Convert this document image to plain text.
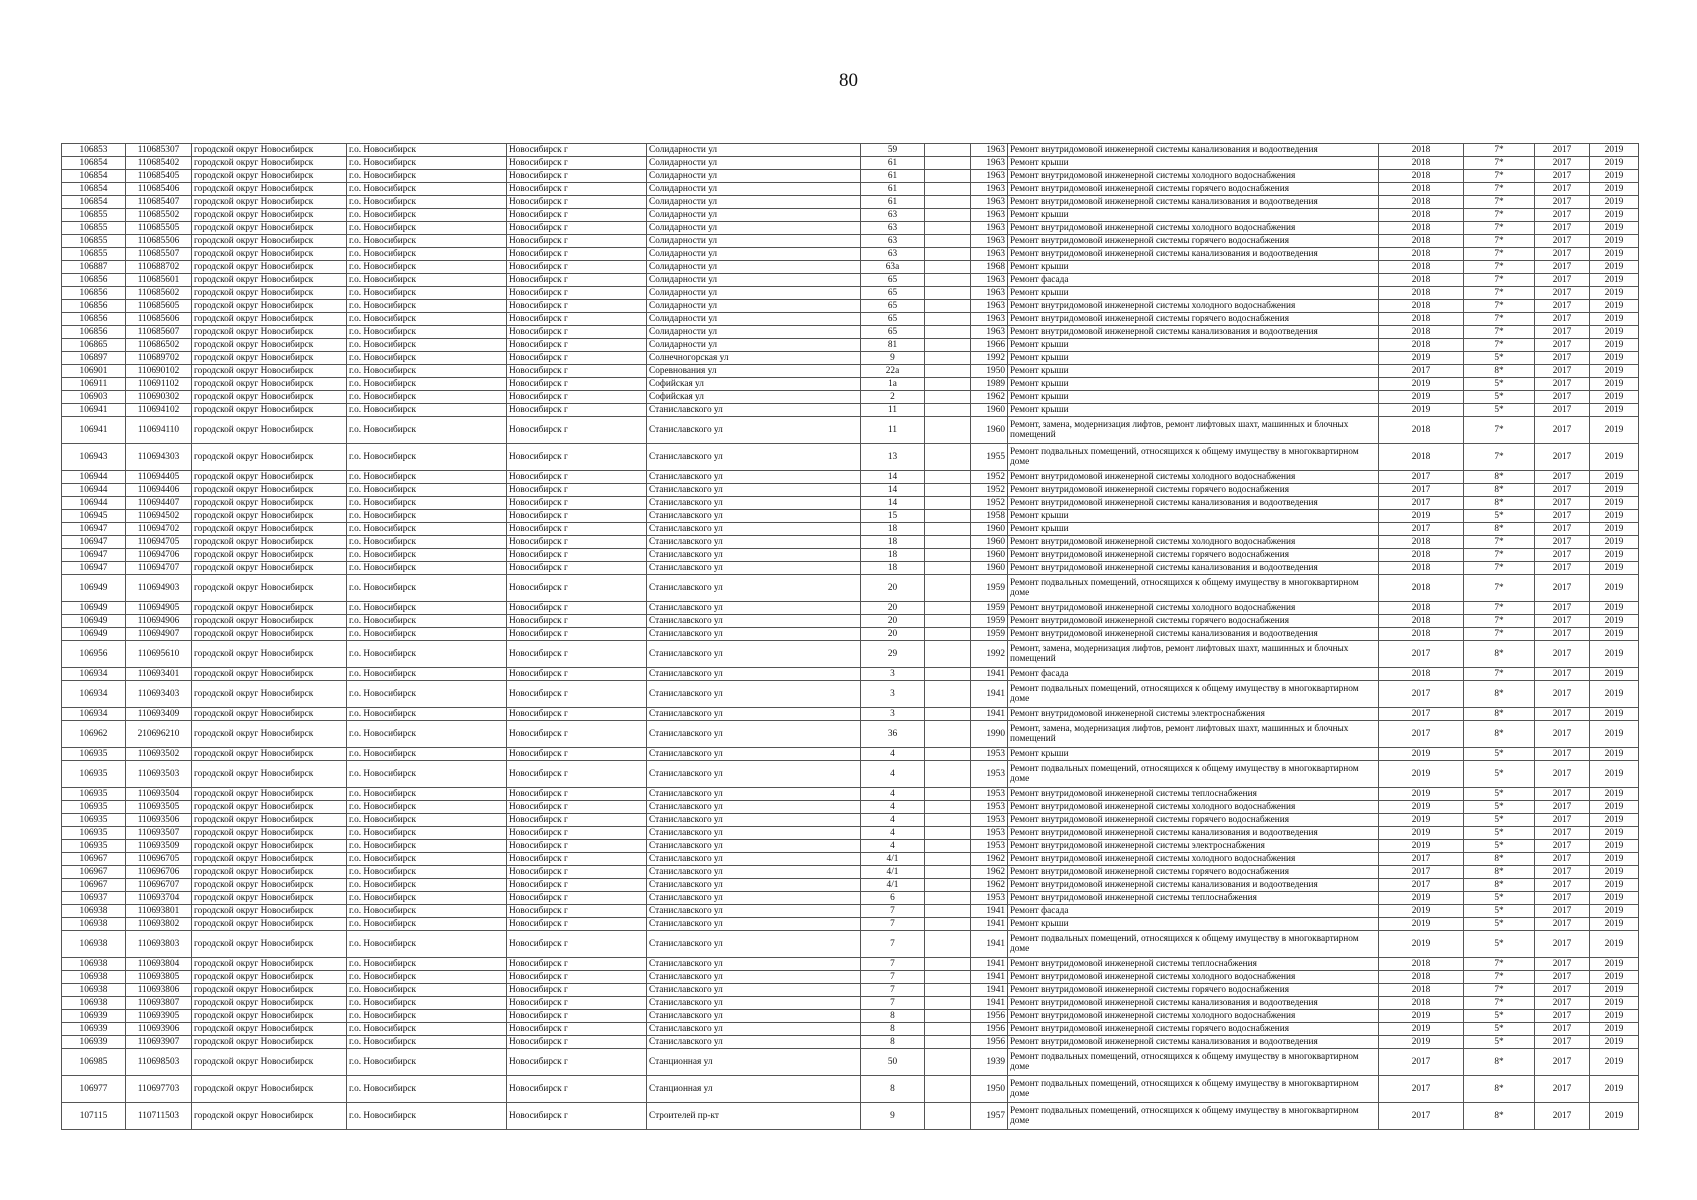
80
106853	110685307	городской округ Новосибирск	г.о. Новосибирск	Новосибирск г	Солидарности ул	59		1963	Ремонт внутридомовой инженерной системы канализования и водоотведения	2018	7*	2017	2019
106854	110685402	городской округ Новосибирск	г.о. Новосибирск	Новосибирск г	Солидарности ул	61		1963	Ремонт крыши	2018	7*	2017	2019
106854	110685405	городской округ Новосибирск	г.о. Новосибирск	Новосибирск г	Солидарности ул	61		1963	Ремонт внутридомовой инженерной системы холодного водоснабжения	2018	7*	2017	2019
106854	110685406	городской округ Новосибирск	г.о. Новосибирск	Новосибирск г	Солидарности ул	61		1963	Ремонт внутридомовой инженерной системы горячего водоснабжения	2018	7*	2017	2019
106854	110685407	городской округ Новосибирск	г.о. Новосибирск	Новосибирск г	Солидарности ул	61		1963	Ремонт внутридомовой инженерной системы канализования и водоотведения	2018	7*	2017	2019
106855	110685502	городской округ Новосибирск	г.о. Новосибирск	Новосибирск г	Солидарности ул	63		1963	Ремонт крыши	2018	7*	2017	2019
106855	110685505	городской округ Новосибирск	г.о. Новосибирск	Новосибирск г	Солидарности ул	63		1963	Ремонт внутридомовой инженерной системы холодного водоснабжения	2018	7*	2017	2019
106855	110685506	городской округ Новосибирск	г.о. Новосибирск	Новосибирск г	Солидарности ул	63		1963	Ремонт внутридомовой инженерной системы горячего водоснабжения	2018	7*	2017	2019
106855	110685507	городской округ Новосибирск	г.о. Новосибирск	Новосибирск г	Солидарности ул	63		1963	Ремонт внутридомовой инженерной системы канализования и водоотведения	2018	7*	2017	2019
106887	110688702	городской округ Новосибирск	г.о. Новосибирск	Новосибирск г	Солидарности ул	63а		1968	Ремонт крыши	2018	7*	2017	2019
106856	110685601	городской округ Новосибирск	г.о. Новосибирск	Новосибирск г	Солидарности ул	65		1963	Ремонт фасада	2018	7*	2017	2019
106856	110685602	городской округ Новосибирск	г.о. Новосибирск	Новосибирск г	Солидарности ул	65		1963	Ремонт крыши	2018	7*	2017	2019
106856	110685605	городской округ Новосибирск	г.о. Новосибирск	Новосибирск г	Солидарности ул	65		1963	Ремонт внутридомовой инженерной системы холодного водоснабжения	2018	7*	2017	2019
106856	110685606	городской округ Новосибирск	г.о. Новосибирск	Новосибирск г	Солидарности ул	65		1963	Ремонт внутридомовой инженерной системы горячего водоснабжения	2018	7*	2017	2019
106856	110685607	городской округ Новосибирск	г.о. Новосибирск	Новосибирск г	Солидарности ул	65		1963	Ремонт внутридомовой инженерной системы канализования и водоотведения	2018	7*	2017	2019
106865	110686502	городской округ Новосибирск	г.о. Новосибирск	Новосибирск г	Солидарности ул	81		1966	Ремонт крыши	2018	7*	2017	2019
106897	110689702	городской округ Новосибирск	г.о. Новосибирск	Новосибирск г	Солнечногорская ул	9		1992	Ремонт крыши	2019	5*	2017	2019
106901	110690102	городской округ Новосибирск	г.о. Новосибирск	Новосибирск г	Соревнования ул	22а		1950	Ремонт крыши	2017	8*	2017	2019
106911	110691102	городской округ Новосибирск	г.о. Новосибирск	Новосибирск г	Софийская ул	1а		1989	Ремонт крыши	2019	5*	2017	2019
106903	110690302	городской округ Новосибирск	г.о. Новосибирск	Новосибирск г	Софийская ул	2		1962	Ремонт крыши	2019	5*	2017	2019
106941	110694102	городской округ Новосибирск	г.о. Новосибирск	Новосибирск г	Станиславского ул	11		1960	Ремонт крыши	2019	5*	2017	2019
106941	110694110	городской округ Новосибирск	г.о. Новосибирск	Новосибирск г	Станиславского ул	11		1960	Ремонт, замена, модернизация лифтов, ремонт лифтовых шахт, машинных и блочных помещений	2018	7*	2017	2019
106943	110694303	городской округ Новосибирск	г.о. Новосибирск	Новосибирск г	Станиславского ул	13		1955	Ремонт подвальных помещений, относящихся к общему имуществу в многоквартирном доме	2018	7*	2017	2019
106944	110694405	городской округ Новосибирск	г.о. Новосибирск	Новосибирск г	Станиславского ул	14		1952	Ремонт внутридомовой инженерной системы холодного водоснабжения	2017	8*	2017	2019
106944	110694406	городской округ Новосибирск	г.о. Новосибирск	Новосибирск г	Станиславского ул	14		1952	Ремонт внутридомовой инженерной системы горячего водоснабжения	2017	8*	2017	2019
106944	110694407	городской округ Новосибирск	г.о. Новосибирск	Новосибирск г	Станиславского ул	14		1952	Ремонт внутридомовой инженерной системы канализования и водоотведения	2017	8*	2017	2019
106945	110694502	городской округ Новосибирск	г.о. Новосибирск	Новосибирск г	Станиславского ул	15		1958	Ремонт крыши	2019	5*	2017	2019
106947	110694702	городской округ Новосибирск	г.о. Новосибирск	Новосибирск г	Станиславского ул	18		1960	Ремонт крыши	2017	8*	2017	2019
106947	110694705	городской округ Новосибирск	г.о. Новосибирск	Новосибирск г	Станиславского ул	18		1960	Ремонт внутридомовой инженерной системы холодного водоснабжения	2018	7*	2017	2019
106947	110694706	городской округ Новосибирск	г.о. Новосибирск	Новосибирск г	Станиславского ул	18		1960	Ремонт внутридомовой инженерной системы горячего водоснабжения	2018	7*	2017	2019
106947	110694707	городской округ Новосибирск	г.о. Новосибирск	Новосибирск г	Станиславского ул	18		1960	Ремонт внутридомовой инженерной системы канализования и водоотведения	2018	7*	2017	2019
106949	110694903	городской округ Новосибирск	г.о. Новосибирск	Новосибирск г	Станиславского ул	20		1959	Ремонт подвальных помещений, относящихся к общему имуществу в многоквартирном доме	2018	7*	2017	2019
106949	110694905	городской округ Новосибирск	г.о. Новосибирск	Новосибирск г	Станиславского ул	20		1959	Ремонт внутридомовой инженерной системы холодного водоснабжения	2018	7*	2017	2019
106949	110694906	городской округ Новосибирск	г.о. Новосибирск	Новосибирск г	Станиславского ул	20		1959	Ремонт внутридомовой инженерной системы горячего водоснабжения	2018	7*	2017	2019
106949	110694907	городской округ Новосибирск	г.о. Новосибирск	Новосибирск г	Станиславского ул	20		1959	Ремонт внутридомовой инженерной системы канализования и водоотведения	2018	7*	2017	2019
106956	110695610	городской округ Новосибирск	г.о. Новосибирск	Новосибирск г	Станиславского ул	29		1992	Ремонт, замена, модернизация лифтов, ремонт лифтовых шахт, машинных и блочных помещений	2017	8*	2017	2019
106934	110693401	городской округ Новосибирск	г.о. Новосибирск	Новосибирск г	Станиславского ул	3		1941	Ремонт фасада	2018	7*	2017	2019
106934	110693403	городской округ Новосибирск	г.о. Новосибирск	Новосибирск г	Станиславского ул	3		1941	Ремонт подвальных помещений, относящихся к общему имуществу в многоквартирном доме	2017	8*	2017	2019
106934	110693409	городской округ Новосибирск	г.о. Новосибирск	Новосибирск г	Станиславского ул	3		1941	Ремонт внутридомовой инженерной системы электроснабжения	2017	8*	2017	2019
106962	210696210	городской округ Новосибирск	г.о. Новосибирск	Новосибирск г	Станиславского ул	36		1990	Ремонт, замена, модернизация лифтов, ремонт лифтовых шахт, машинных и блочных помещений	2017	8*	2017	2019
106935	110693502	городской округ Новосибирск	г.о. Новосибирск	Новосибирск г	Станиславского ул	4		1953	Ремонт крыши	2019	5*	2017	2019
106935	110693503	городской округ Новосибирск	г.о. Новосибирск	Новосибирск г	Станиславского ул	4		1953	Ремонт подвальных помещений, относящихся к общему имуществу в многоквартирном доме	2019	5*	2017	2019
106935	110693504	городской округ Новосибирск	г.о. Новосибирск	Новосибирск г	Станиславского ул	4		1953	Ремонт внутридомовой инженерной системы теплоснабжения	2019	5*	2017	2019
106935	110693505	городской округ Новосибирск	г.о. Новосибирск	Новосибирск г	Станиславского ул	4		1953	Ремонт внутридомовой инженерной системы холодного водоснабжения	2019	5*	2017	2019
106935	110693506	городской округ Новосибирск	г.о. Новосибирск	Новосибирск г	Станиславского ул	4		1953	Ремонт внутридомовой инженерной системы горячего водоснабжения	2019	5*	2017	2019
106935	110693507	городской округ Новосибирск	г.о. Новосибирск	Новосибирск г	Станиславского ул	4		1953	Ремонт внутридомовой инженерной системы канализования и водоотведения	2019	5*	2017	2019
106935	110693509	городской округ Новосибирск	г.о. Новосибирск	Новосибирск г	Станиславского ул	4		1953	Ремонт внутридомовой инженерной системы электроснабжения	2019	5*	2017	2019
106967	110696705	городской округ Новосибирск	г.о. Новосибирск	Новосибирск г	Станиславского ул	4/1		1962	Ремонт внутридомовой инженерной системы холодного водоснабжения	2017	8*	2017	2019
106967	110696706	городской округ Новосибирск	г.о. Новосибирск	Новосибирск г	Станиславского ул	4/1		1962	Ремонт внутридомовой инженерной системы горячего водоснабжения	2017	8*	2017	2019
106967	110696707	городской округ Новосибирск	г.о. Новосибирск	Новосибирск г	Станиславского ул	4/1		1962	Ремонт внутридомовой инженерной системы канализования и водоотведения	2017	8*	2017	2019
106937	110693704	городской округ Новосибирск	г.о. Новосибирск	Новосибирск г	Станиславского ул	6		1953	Ремонт внутридомовой инженерной системы теплоснабжения	2019	5*	2017	2019
106938	110693801	городской округ Новосибирск	г.о. Новосибирск	Новосибирск г	Станиславского ул	7		1941	Ремонт фасада	2019	5*	2017	2019
106938	110693802	городской округ Новосибирск	г.о. Новосибирск	Новосибирск г	Станиславского ул	7		1941	Ремонт крыши	2019	5*	2017	2019
106938	110693803	городской округ Новосибирск	г.о. Новосибирск	Новосибирск г	Станиславского ул	7		1941	Ремонт подвальных помещений, относящихся к общему имуществу в многоквартирном доме	2019	5*	2017	2019
106938	110693804	городской округ Новосибирск	г.о. Новосибирск	Новосибирск г	Станиславского ул	7		1941	Ремонт внутридомовой инженерной системы теплоснабжения	2018	7*	2017	2019
106938	110693805	городской округ Новосибирск	г.о. Новосибирск	Новосибирск г	Станиславского ул	7		1941	Ремонт внутридомовой инженерной системы холодного водоснабжения	2018	7*	2017	2019
106938	110693806	городской округ Новосибирск	г.о. Новосибирск	Новосибирск г	Станиславского ул	7		1941	Ремонт внутридомовой инженерной системы горячего водоснабжения	2018	7*	2017	2019
106938	110693807	городской округ Новосибирск	г.о. Новосибирск	Новосибирск г	Станиславского ул	7		1941	Ремонт внутридомовой инженерной системы канализования и водоотведения	2018	7*	2017	2019
106939	110693905	городской округ Новосибирск	г.о. Новосибирск	Новосибирск г	Станиславского ул	8		1956	Ремонт внутридомовой инженерной системы холодного водоснабжения	2019	5*	2017	2019
106939	110693906	городской округ Новосибирск	г.о. Новосибирск	Новосибирск г	Станиславского ул	8		1956	Ремонт внутридомовой инженерной системы горячего водоснабжения	2019	5*	2017	2019
106939	110693907	городской округ Новосибирск	г.о. Новосибирск	Новосибирск г	Станиславского ул	8		1956	Ремонт внутридомовой инженерной системы канализования и водоотведения	2019	5*	2017	2019
106985	110698503	городской округ Новосибирск	г.о. Новосибирск	Новосибирск г	Станционная ул	50		1939	Ремонт подвальных помещений, относящихся к общему имуществу в многоквартирном доме	2017	8*	2017	2019
106977	110697703	городской округ Новосибирск	г.о. Новосибирск	Новосибирск г	Станционная ул	8		1950	Ремонт подвальных помещений, относящихся к общему имуществу в многоквартирном доме	2017	8*	2017	2019
107115	110711503	городской округ Новосибирск	г.о. Новосибирск	Новосибирск г	Строителей пр-кт	9		1957	Ремонт подвальных помещений, относящихся к общему имуществу в многоквартирном доме	2017	8*	2017	2019
